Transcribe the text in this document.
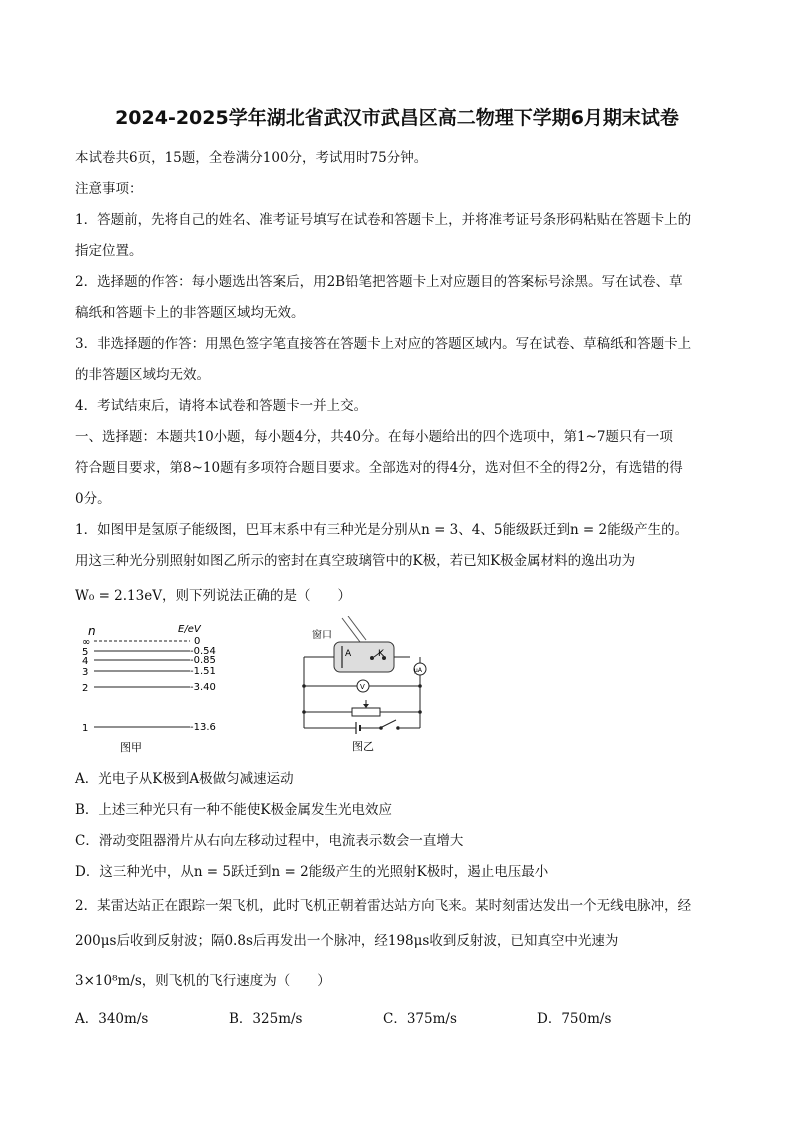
2024-2025学年湖北省武汉市武昌区高二物理下学期6月期末试卷
本试卷共6页，15题，全卷满分100分，考试用时75分钟。
注意事项：
1．答题前，先将自己的姓名、准考证号填写在试卷和答题卡上，并将准考证号条形码粘贴在答题卡上的
指定位置。
2．选择题的作答：每小题选出答案后，用2B铅笔把答题卡上对应题目的答案标号涂黑。写在试卷、草
稿纸和答题卡上的非答题区域均无效。
3．非选择题的作答：用黑色签字笔直接答在答题卡上对应的答题区域内。写在试卷、草稿纸和答题卡上
的非答题区域均无效。
4．考试结束后，请将本试卷和答题卡一并上交。
一、选择题：本题共10小题，每小题4分，共40分。在每小题给出的四个选项中，第1~7题只有一项
符合题目要求，第8~10题有多项符合题目要求。全部选对的得4分，选对但不全的得2分，有选错的得
0分。
1．如图甲是氢原子能级图，巴耳末系中有三种光是分别从n = 3、4、5能级跃迁到n = 2能级产生的。
用这三种光分别照射如图乙所示的密封在真空玻璃管中的K极，若已知K极金属材料的逸出功为
W₀ = 2.13eV，则下列说法正确的是（　　）
n	E/eV
∞	0
5	-0.54
4	-0.85
3	-1.51
2	-3.40
1	-13.6
图甲
窗口
A	K
μA
V
图乙
A．光电子从K极到A极做匀减速运动
B．上述三种光只有一种不能使K极金属发生光电效应
C．滑动变阻器滑片从右向左移动过程中，电流表示数会一直增大
D．这三种光中，从n = 5跃迁到n = 2能级产生的光照射K极时，遏止电压最小
2．某雷达站正在跟踪一架飞机，此时飞机正朝着雷达站方向飞来。某时刻雷达发出一个无线电脉冲，经
200μs后收到反射波；隔0.8s后再发出一个脉冲，经198μs收到反射波，已知真空中光速为
3×10⁸m/s，则飞机的飞行速度为（　　）
A．340m/s	B．325m/s	C．375m/s	D．750m/s
